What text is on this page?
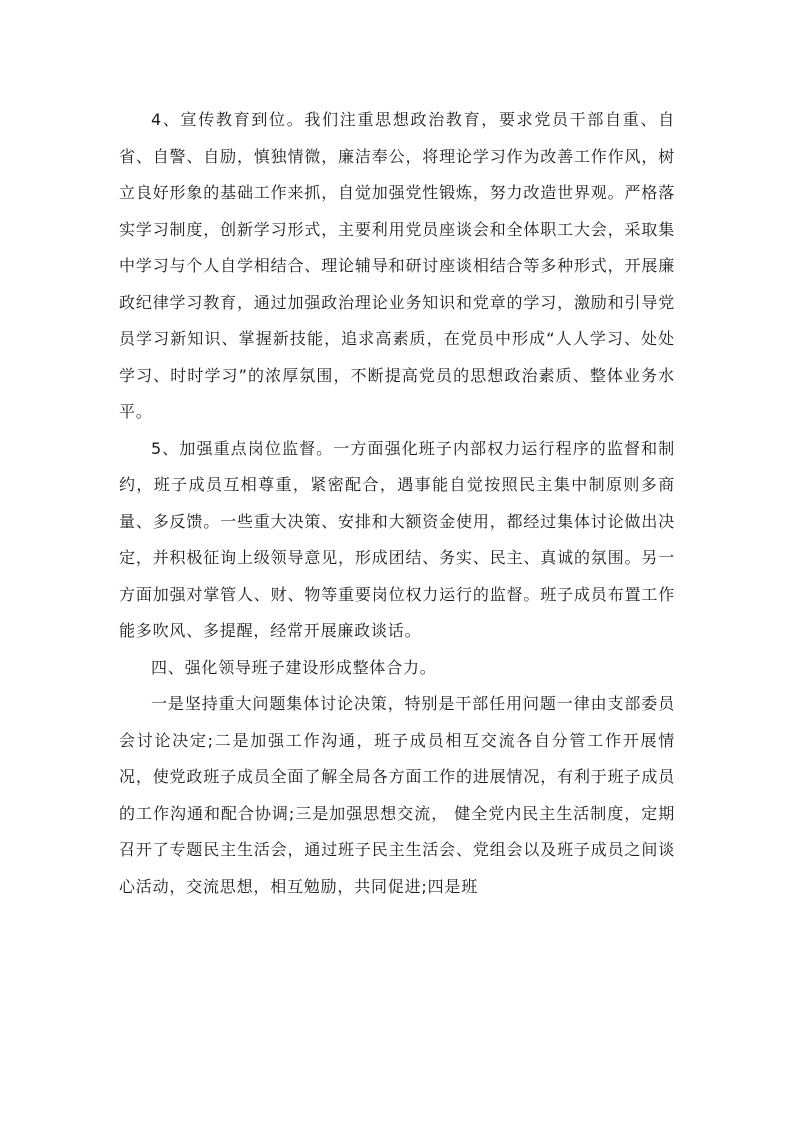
4、宣传教育到位。我们注重思想政治教育，要求党员干部自重、自省、自警、自励，慎独情微，廉洁奉公，将理论学习作为改善工作作风，树立良好形象的基础工作来抓，自觉加强党性锻炼，努力改造世界观。严格落实学习制度，创新学习形式，主要利用党员座谈会和全体职工大会，采取集中学习与个人自学相结合、理论辅导和研讨座谈相结合等多种形式，开展廉政纪律学习教育，通过加强政治理论业务知识和党章的学习，激励和引导党员学习新知识、掌握新技能，追求高素质，在党员中形成“人人学习、处处学习、时时学习”的浓厚氛围，不断提高党员的思想政治素质、整体业务水平。

5、加强重点岗位监督。一方面强化班子内部权力运行程序的监督和制约，班子成员互相尊重，紧密配合，遇事能自觉按照民主集中制原则多商量、多反馈。一些重大决策、安排和大额资金使用，都经过集体讨论做出决定，并积极征询上级领导意见，形成团结、务实、民主、真诚的氛围。另一方面加强对掌管人、财、物等重要岗位权力运行的监督。班子成员布置工作能多吹风、多提醒，经常开展廉政谈话。

四、强化领导班子建设形成整体合力。

一是坚持重大问题集体讨论决策，特别是干部任用问题一律由支部委员会讨论决定;二是加强工作沟通，班子成员相互交流各自分管工作开展情况，使党政班子成员全面了解全局各方面工作的进展情况，有利于班子成员的工作沟通和配合协调;三是加强思想交流， 健全党内民主生活制度，定期召开了专题民主生活会，通过班子民主生活会、党组会以及班子成员之间谈心活动，交流思想，相互勉励，共同促进;四是班
